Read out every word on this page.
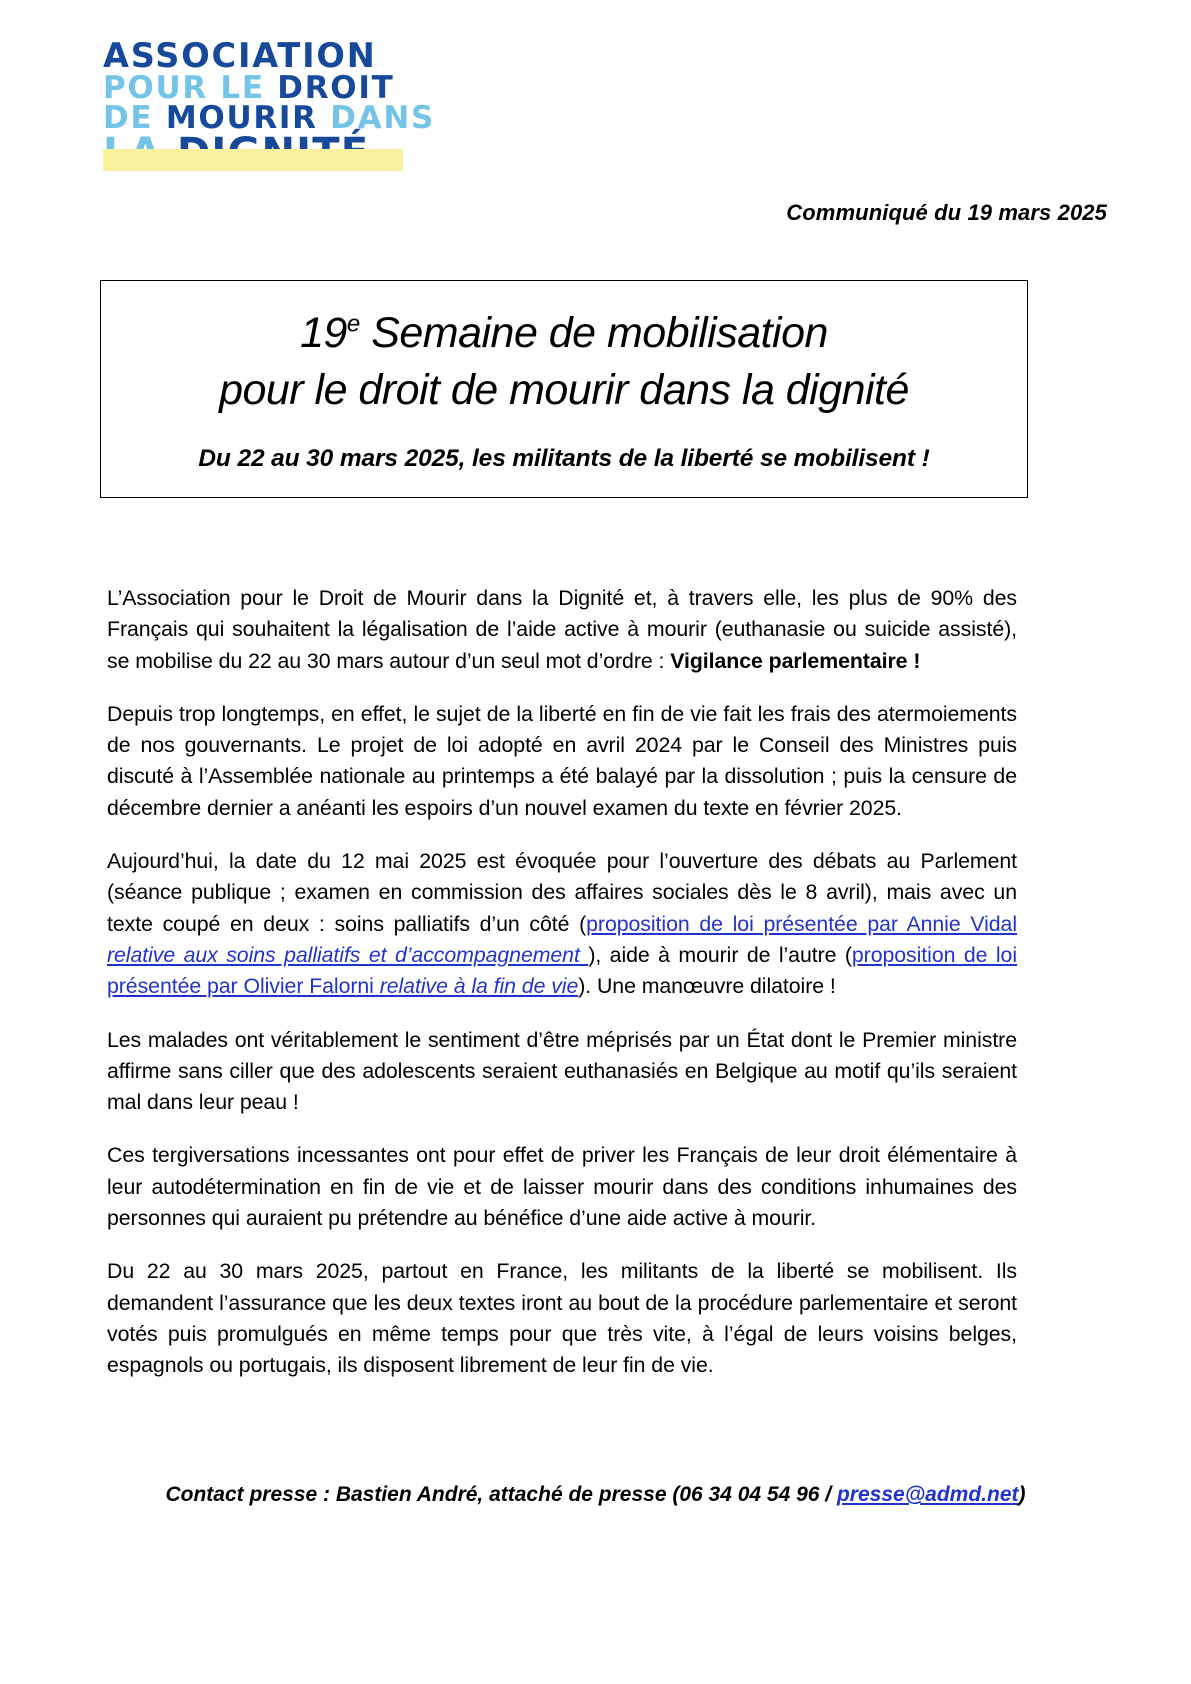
ASSOCIATION
POUR LE DROIT
DE MOURIR DANS
Communiqué du 19 mars 2025
19e Semaine de mobilisation
pour le droit de mourir dans la dignité
Du 22 au 30 mars 2025, les militants de la liberté se mobilisent !

L’Association pour le Droit de Mourir dans la Dignité et, à travers elle, les plus de 90% des Français qui souhaitent la légalisation de l’aide active à mourir (euthanasie ou suicide assisté), se mobilise du 22 au 30 mars autour d’un seul mot d’ordre : Vigilance parlementaire !

Depuis trop longtemps, en effet, le sujet de la liberté en fin de vie fait les frais des atermoiements de nos gouvernants. Le projet de loi adopté en avril 2024 par le Conseil des Ministres puis discuté à l’Assemblée nationale au printemps a été balayé par la dissolution ; puis la censure de décembre dernier a anéanti les espoirs d’un nouvel examen du texte en février 2025.

Aujourd’hui, la date du 12 mai 2025 est évoquée pour l’ouverture des débats au Parlement (séance publique ; examen en commission des affaires sociales dès le 8 avril), mais avec un texte coupé en deux : soins palliatifs d’un côté (proposition de loi présentée par Annie Vidal relative aux soins palliatifs et d’accompagnement ), aide à mourir de l’autre (proposition de loi présentée par Olivier Falorni relative à la fin de vie). Une manœuvre dilatoire !

Les malades ont véritablement le sentiment d’être méprisés par un État dont le Premier ministre affirme sans ciller que des adolescents seraient euthanasiés en Belgique au motif qu’ils seraient mal dans leur peau !

Ces tergiversations incessantes ont pour effet de priver les Français de leur droit élémentaire à leur autodétermination en fin de vie et de laisser mourir dans des conditions inhumaines des personnes qui auraient pu prétendre au bénéfice d’une aide active à mourir.

Du 22 au 30 mars 2025, partout en France, les militants de la liberté se mobilisent. Ils demandent l’assurance que les deux textes iront au bout de la procédure parlementaire et seront votés puis promulgués en même temps pour que très vite, à l’égal de leurs voisins belges, espagnols ou portugais, ils disposent librement de leur fin de vie.

Contact presse : Bastien André, attaché de presse (06 34 04 54 96 / presse@admd.net)
